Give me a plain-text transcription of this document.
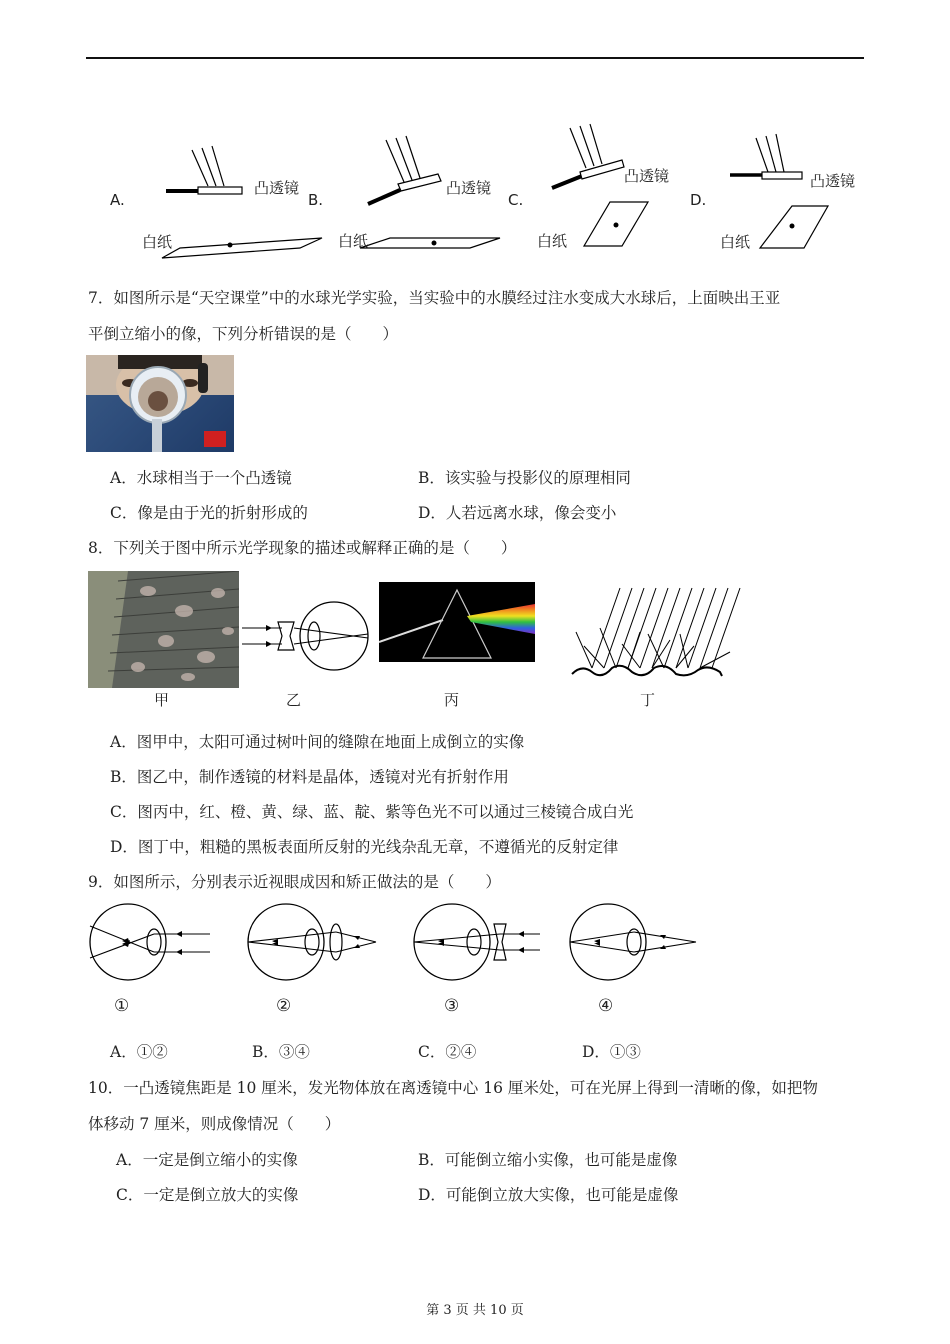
A.
凸透镜
白纸
B.
凸透镜
白纸
C.
凸透镜
白纸
D.
凸透镜
白纸
7．如图所示是“天空课堂”中的水球光学实验，当实验中的水膜经过注水变成大水球后，上面映出王亚
平倒立缩小的像，下列分析错误的是（　　）
A．水球相当于一个凸透镜	B．该实验与投影仪的原理相同
C．像是由于光的折射形成的	D．人若远离水球，像会变小
8．下列关于图中所示光学现象的描述或解释正确的是（　　）
甲	乙	丙	丁
A．图甲中，太阳可通过树叶间的缝隙在地面上成倒立的实像
B．图乙中，制作透镜的材料是晶体，透镜对光有折射作用
C．图丙中，红、橙、黄、绿、蓝、靛、紫等色光不可以通过三棱镜合成白光
D．图丁中，粗糙的黑板表面所反射的光线杂乱无章，不遵循光的反射定律
9．如图所示，分别表示近视眼成因和矫正做法的是（　　）
①	②	③	④
A．①②	B．③④	C．②④	D．①③
10．一凸透镜焦距是 10 厘米，发光物体放在离透镜中心 16 厘米处，可在光屏上得到一清晰的像，如把物
体移动 7 厘米，则成像情况（　　）
A．一定是倒立缩小的实像	B．可能倒立缩小实像，也可能是虚像
C．一定是倒立放大的实像	D．可能倒立放大实像，也可能是虚像
第 3 页 共 10 页
